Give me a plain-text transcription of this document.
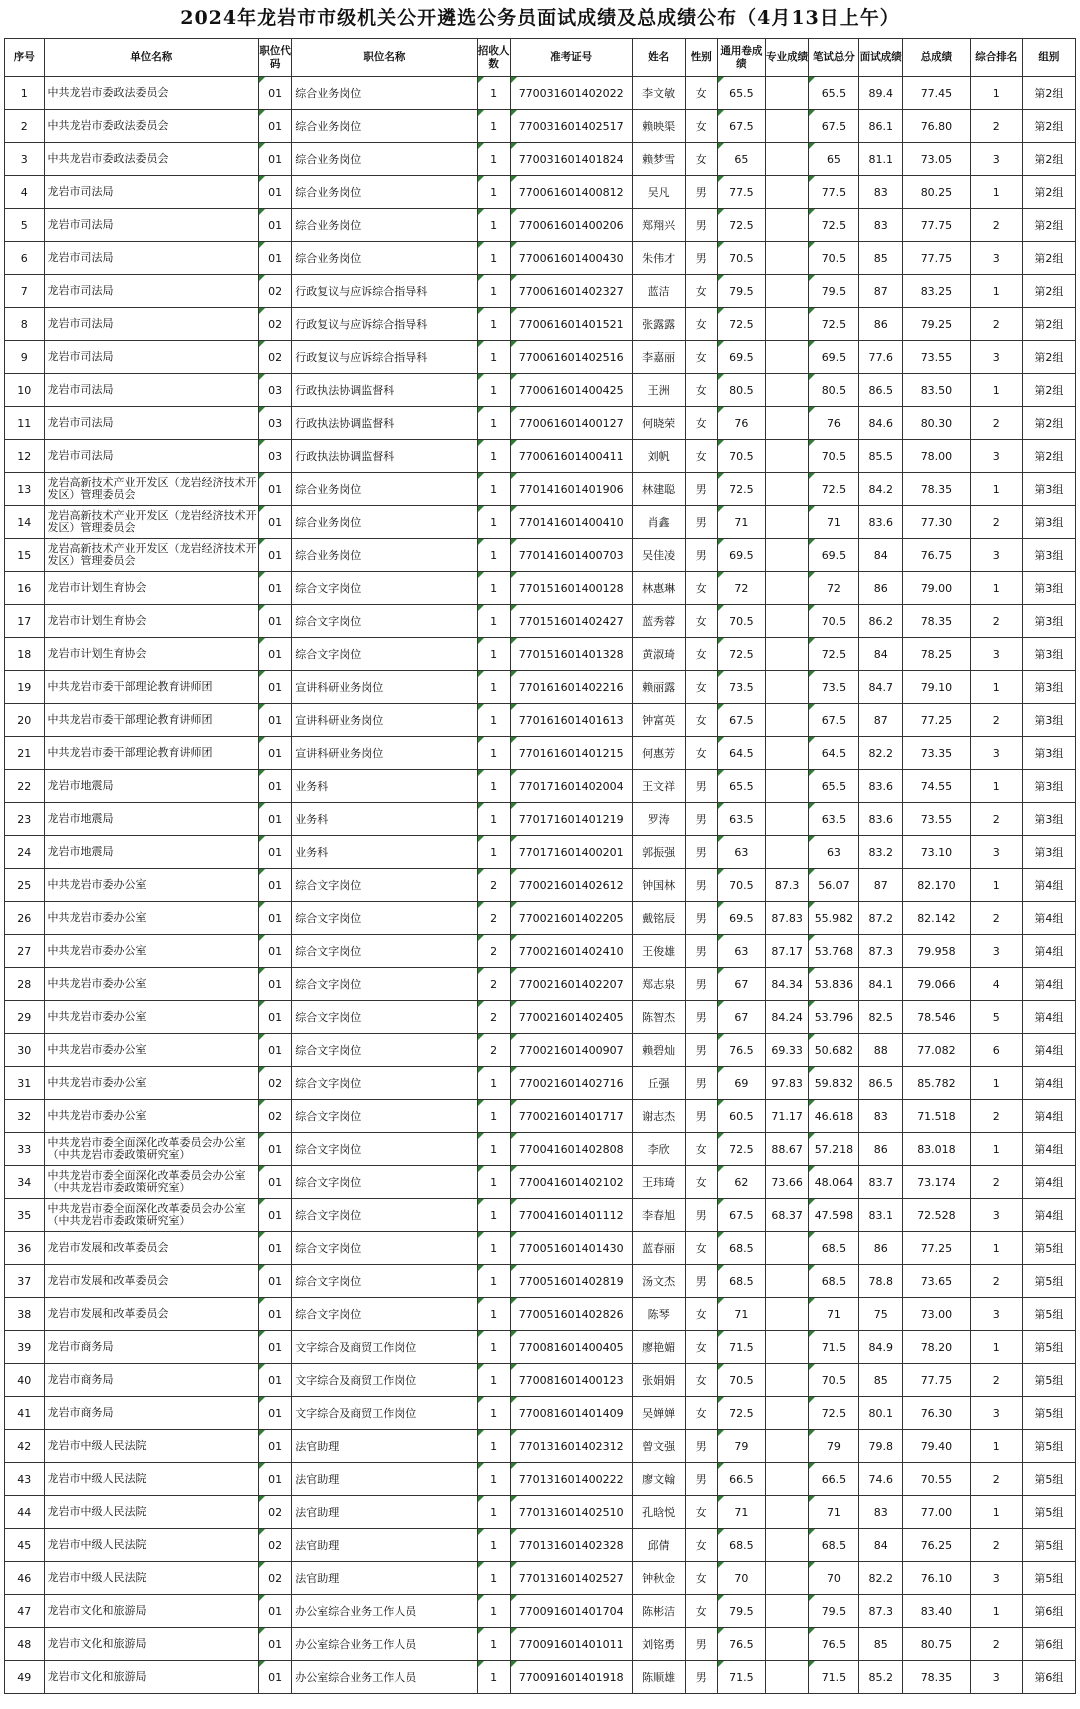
2024年龙岩市市级机关公开遴选公务员面试成绩及总成绩公布（4月13日上午）
序号	单位名称	职位代码	职位名称	招收人数	准考证号	姓名	性别	通用卷成绩	专业成绩	笔试总分	面试成绩	总成绩	综合排名	组别
1	中共龙岩市委政法委员会	01	综合业务岗位	1	770031601402022	李文敏	女	65.5		65.5	89.4	77.45	1	第2组
2	中共龙岩市委政法委员会	01	综合业务岗位	1	770031601402517	赖映渠	女	67.5		67.5	86.1	76.80	2	第2组
3	中共龙岩市委政法委员会	01	综合业务岗位	1	770031601401824	赖梦雪	女	65		65	81.1	73.05	3	第2组
4	龙岩市司法局	01	综合业务岗位	1	770061601400812	吴凡	男	77.5		77.5	83	80.25	1	第2组
5	龙岩市司法局	01	综合业务岗位	1	770061601400206	郑翔兴	男	72.5		72.5	83	77.75	2	第2组
6	龙岩市司法局	01	综合业务岗位	1	770061601400430	朱伟才	男	70.5		70.5	85	77.75	3	第2组
7	龙岩市司法局	02	行政复议与应诉综合指导科	1	770061601402327	蓝洁	女	79.5		79.5	87	83.25	1	第2组
8	龙岩市司法局	02	行政复议与应诉综合指导科	1	770061601401521	张露露	女	72.5		72.5	86	79.25	2	第2组
9	龙岩市司法局	02	行政复议与应诉综合指导科	1	770061601402516	李嘉丽	女	69.5		69.5	77.6	73.55	3	第2组
10	龙岩市司法局	03	行政执法协调监督科	1	770061601400425	王洲	女	80.5		80.5	86.5	83.50	1	第2组
11	龙岩市司法局	03	行政执法协调监督科	1	770061601400127	何晓荣	女	76		76	84.6	80.30	2	第2组
12	龙岩市司法局	03	行政执法协调监督科	1	770061601400411	刘帆	女	70.5		70.5	85.5	78.00	3	第2组
13	龙岩高新技术产业开发区（龙岩经济技术开发区）管理委员会	01	综合业务岗位	1	770141601401906	林建聪	男	72.5		72.5	84.2	78.35	1	第3组
14	龙岩高新技术产业开发区（龙岩经济技术开发区）管理委员会	01	综合业务岗位	1	770141601400410	肖鑫	男	71		71	83.6	77.30	2	第3组
15	龙岩高新技术产业开发区（龙岩经济技术开发区）管理委员会	01	综合业务岗位	1	770141601400703	吴佳凌	男	69.5		69.5	84	76.75	3	第3组
16	龙岩市计划生育协会	01	综合文字岗位	1	770151601400128	林惠琳	女	72		72	86	79.00	1	第3组
17	龙岩市计划生育协会	01	综合文字岗位	1	770151601402427	蓝秀蓉	女	70.5		70.5	86.2	78.35	2	第3组
18	龙岩市计划生育协会	01	综合文字岗位	1	770151601401328	黄淑琦	女	72.5		72.5	84	78.25	3	第3组
19	中共龙岩市委干部理论教育讲师团	01	宣讲科研业务岗位	1	770161601402216	赖丽露	女	73.5		73.5	84.7	79.10	1	第3组
20	中共龙岩市委干部理论教育讲师团	01	宣讲科研业务岗位	1	770161601401613	钟富英	女	67.5		67.5	87	77.25	2	第3组
21	中共龙岩市委干部理论教育讲师团	01	宣讲科研业务岗位	1	770161601401215	何惠芳	女	64.5		64.5	82.2	73.35	3	第3组
22	龙岩市地震局	01	业务科	1	770171601402004	王文祥	男	65.5		65.5	83.6	74.55	1	第3组
23	龙岩市地震局	01	业务科	1	770171601401219	罗涛	男	63.5		63.5	83.6	73.55	2	第3组
24	龙岩市地震局	01	业务科	1	770171601400201	郭振强	男	63		63	83.2	73.10	3	第3组
25	中共龙岩市委办公室	01	综合文字岗位	2	770021601402612	钟国林	男	70.5	87.3	56.07	87	82.170	1	第4组
26	中共龙岩市委办公室	01	综合文字岗位	2	770021601402205	戴铭辰	男	69.5	87.83	55.982	87.2	82.142	2	第4组
27	中共龙岩市委办公室	01	综合文字岗位	2	770021601402410	王俊雄	男	63	87.17	53.768	87.3	79.958	3	第4组
28	中共龙岩市委办公室	01	综合文字岗位	2	770021601402207	郑志泉	男	67	84.34	53.836	84.1	79.066	4	第4组
29	中共龙岩市委办公室	01	综合文字岗位	2	770021601402405	陈智杰	男	67	84.24	53.796	82.5	78.546	5	第4组
30	中共龙岩市委办公室	01	综合文字岗位	2	770021601400907	赖碧灿	男	76.5	69.33	50.682	88	77.082	6	第4组
31	中共龙岩市委办公室	02	综合文字岗位	1	770021601402716	丘强	男	69	97.83	59.832	86.5	85.782	1	第4组
32	中共龙岩市委办公室	02	综合文字岗位	1	770021601401717	谢志杰	男	60.5	71.17	46.618	83	71.518	2	第4组
33	中共龙岩市委全面深化改革委员会办公室（中共龙岩市委政策研究室）	01	综合文字岗位	1	770041601402808	李欣	女	72.5	88.67	57.218	86	83.018	1	第4组
34	中共龙岩市委全面深化改革委员会办公室（中共龙岩市委政策研究室）	01	综合文字岗位	1	770041601402102	王玮琦	女	62	73.66	48.064	83.7	73.174	2	第4组
35	中共龙岩市委全面深化改革委员会办公室（中共龙岩市委政策研究室）	01	综合文字岗位	1	770041601401112	李春旭	男	67.5	68.37	47.598	83.1	72.528	3	第4组
36	龙岩市发展和改革委员会	01	综合文字岗位	1	770051601401430	蓝春丽	女	68.5		68.5	86	77.25	1	第5组
37	龙岩市发展和改革委员会	01	综合文字岗位	1	770051601402819	汤文杰	男	68.5		68.5	78.8	73.65	2	第5组
38	龙岩市发展和改革委员会	01	综合文字岗位	1	770051601402826	陈琴	女	71		71	75	73.00	3	第5组
39	龙岩市商务局	01	文字综合及商贸工作岗位	1	770081601400405	廖艳媚	女	71.5		71.5	84.9	78.20	1	第5组
40	龙岩市商务局	01	文字综合及商贸工作岗位	1	770081601400123	张娟娟	女	70.5		70.5	85	77.75	2	第5组
41	龙岩市商务局	01	文字综合及商贸工作岗位	1	770081601401409	吴婵婵	女	72.5		72.5	80.1	76.30	3	第5组
42	龙岩市中级人民法院	01	法官助理	1	770131601402312	曾文强	男	79		79	79.8	79.40	1	第5组
43	龙岩市中级人民法院	01	法官助理	1	770131601400222	廖文翰	男	66.5		66.5	74.6	70.55	2	第5组
44	龙岩市中级人民法院	02	法官助理	1	770131601402510	孔晗悦	女	71		71	83	77.00	1	第5组
45	龙岩市中级人民法院	02	法官助理	1	770131601402328	邱倩	女	68.5		68.5	84	76.25	2	第5组
46	龙岩市中级人民法院	02	法官助理	1	770131601402527	钟秋金	女	70		70	82.2	76.10	3	第5组
47	龙岩市文化和旅游局	01	办公室综合业务工作人员	1	770091601401704	陈彬洁	女	79.5		79.5	87.3	83.40	1	第6组
48	龙岩市文化和旅游局	01	办公室综合业务工作人员	1	770091601401011	刘铭勇	男	76.5		76.5	85	80.75	2	第6组
49	龙岩市文化和旅游局	01	办公室综合业务工作人员	1	770091601401918	陈顺雄	男	71.5		71.5	85.2	78.35	3	第6组
